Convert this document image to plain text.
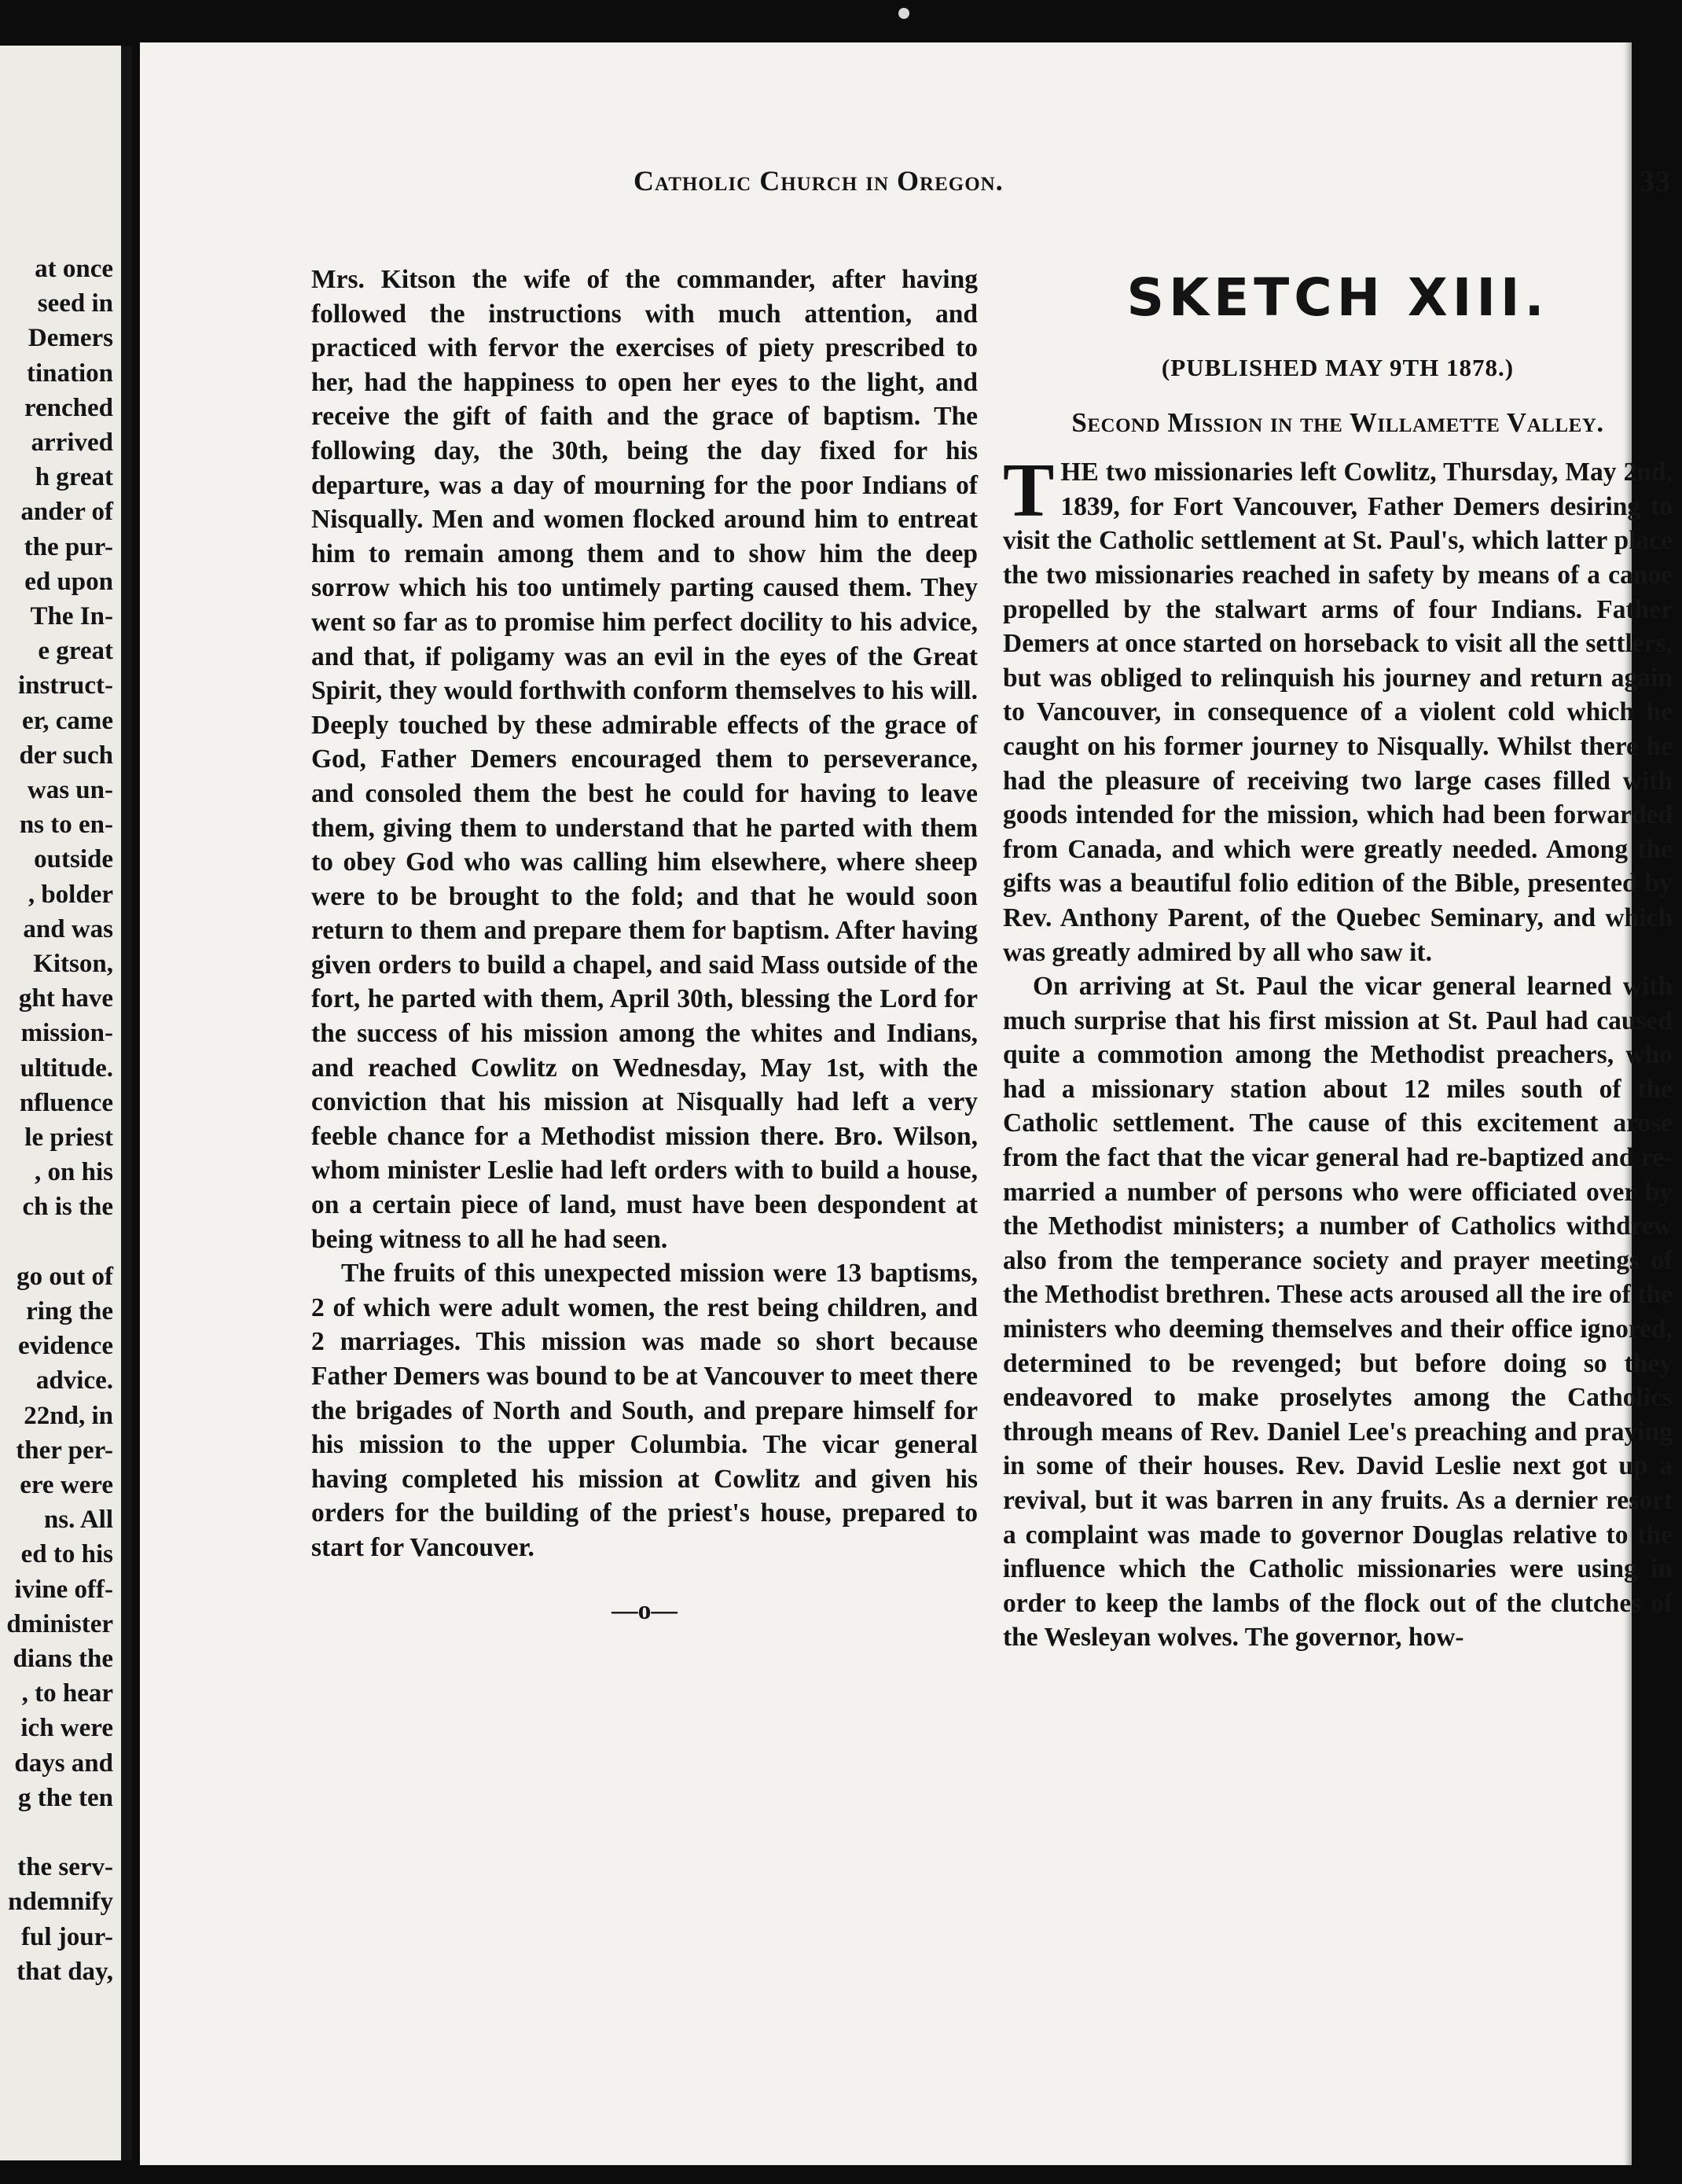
at once
seed in
Demers
tination
renched
arrived
h great
ander of
the pur-
ed upon
The In-
e great
instruct-
er, came
der such
was un-
ns to en-
outside
, bolder
and was
Kitson,
ght have
mission-
ultitude.
nfluence
le priest
, on his
ch is the
go out of
ring the
evidence
advice.
22nd, in
ther per-
ere were
ns. All
ed to his
ivine off-
dminister
dians the
, to hear
ich were
days and
g the ten
the serv-
ndemnify
ful jour-
that day,
Catholic Church in Oregon.	33

Mrs. Kitson the wife of the commander, after having followed the instructions with much attention, and practiced with fervor the exercises of piety prescribed to her, had the happiness to open her eyes to the light, and receive the gift of faith and the grace of baptism. The following day, the 30th, being the day fixed for his departure, was a day of mourning for the poor Indians of Nisqually. Men and women flocked around him to entreat him to remain among them and to show him the deep sorrow which his too untimely parting caused them. They went so far as to promise him perfect docility to his advice, and that, if poligamy was an evil in the eyes of the Great Spirit, they would forthwith conform themselves to his will. Deeply touched by these admirable effects of the grace of God, Father Demers encouraged them to perseverance, and consoled them the best he could for having to leave them, giving them to understand that he parted with them to obey God who was calling him elsewhere, where sheep were to be brought to the fold; and that he would soon return to them and prepare them for baptism. After having given orders to build a chapel, and said Mass outside of the fort, he parted with them, April 30th, blessing the Lord for the success of his mission among the whites and Indians, and reached Cowlitz on Wednesday, May 1st, with the conviction that his mission at Nisqually had left a very feeble chance for a Methodist mission there. Bro. Wilson, whom minister Leslie had left orders with to build a house, on a certain piece of land, must have been despondent at being witness to all he had seen.

The fruits of this unexpected mission were 13 baptisms, 2 of which were adult women, the rest being children, and 2 marriages. This mission was made so short because Father Demers was bound to be at Vancouver to meet there the brigades of North and South, and prepare himself for his mission to the upper Columbia. The vicar general having completed his mission at Cowlitz and given his orders for the building of the priest's house, prepared to start for Vancouver.

—o—

SKETCH XIII.
(PUBLISHED MAY 9TH 1878.)
Second Mission in the Willamette Valley.

THE two missionaries left Cowlitz, Thursday, May 2nd, 1839, for Fort Vancouver, Father Demers desiring to visit the Catholic settlement at St. Paul's, which latter place the two missionaries reached in safety by means of a canoe propelled by the stalwart arms of four Indians. Father Demers at once started on horseback to visit all the settlers, but was obliged to relinquish his journey and return again to Vancouver, in consequence of a violent cold which he caught on his former journey to Nisqually. Whilst there he had the pleasure of receiving two large cases filled with goods intended for the mission, which had been forwarded from Canada, and which were greatly needed. Among the gifts was a beautiful folio edition of the Bible, presented by Rev. Anthony Parent, of the Quebec Seminary, and which was greatly admired by all who saw it.

On arriving at St. Paul the vicar general learned with much surprise that his first mission at St. Paul had caused quite a commotion among the Methodist preachers, who had a missionary station about 12 miles south of the Catholic settlement. The cause of this excitement arose from the fact that the vicar general had re-baptized and re-married a number of persons who were officiated over by the Methodist ministers; a number of Catholics withdrew also from the temperance society and prayer meetings of the Methodist brethren. These acts aroused all the ire of the ministers who deeming themselves and their office ignored, determined to be revenged; but before doing so they endeavored to make proselytes among the Catholics through means of Rev. Daniel Lee's preaching and praying in some of their houses. Rev. David Leslie next got up a revival, but it was barren in any fruits. As a dernier resort a complaint was made to governor Douglas relative to the influence which the Catholic missionaries were using in order to keep the lambs of the flock out of the clutches of the Wesleyan wolves. The governor, how-
